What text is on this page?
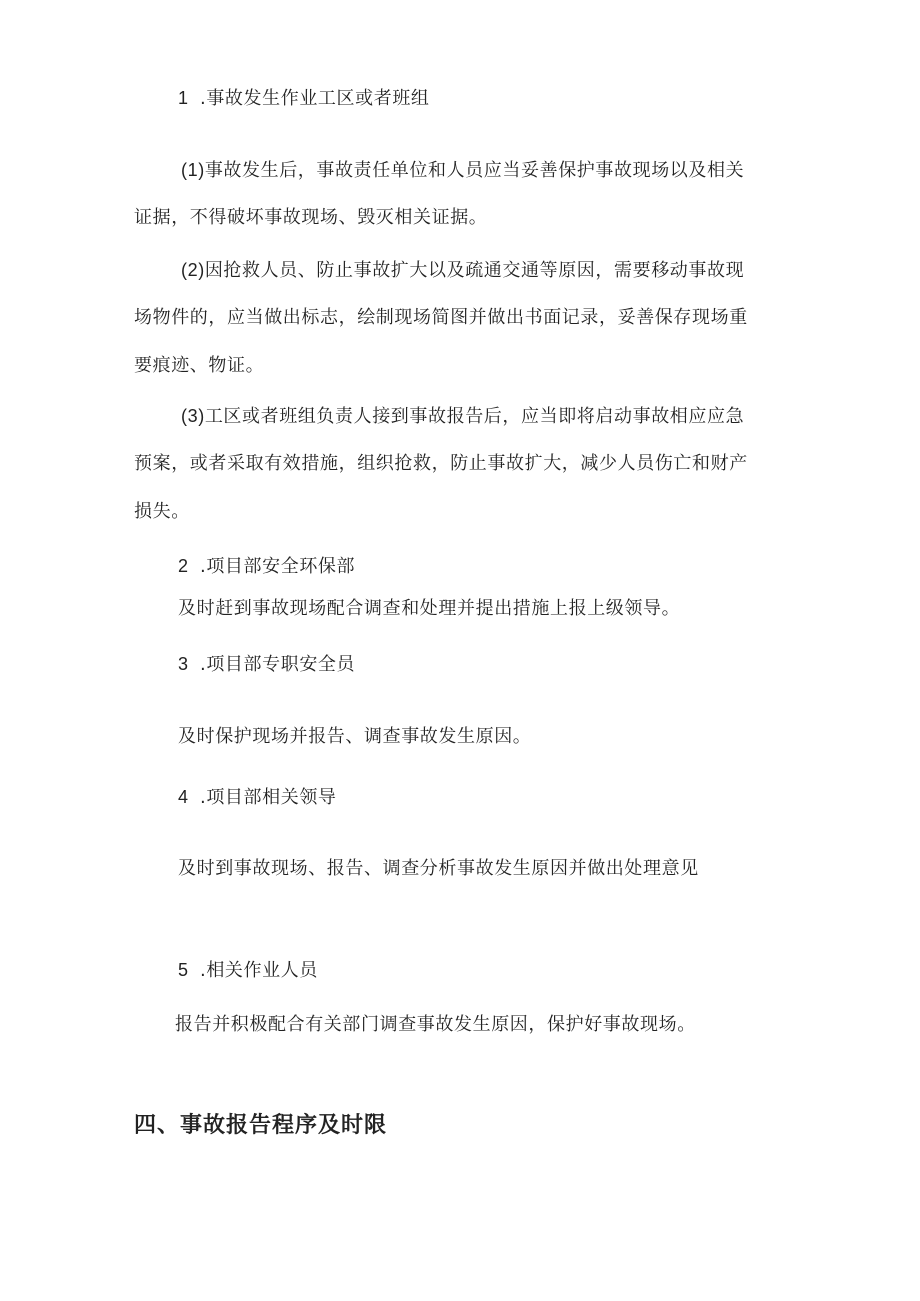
1 .事故发生作业工区或者班组
(1)事故发生后，事故责任单位和人员应当妥善保护事故现场以及相关
证据，不得破坏事故现场、毁灭相关证据。
(2)因抢救人员、防止事故扩大以及疏通交通等原因，需要移动事故现
场物件的，应当做出标志，绘制现场简图并做出书面记录，妥善保存现场重
要痕迹、物证。
(3)工区或者班组负责人接到事故报告后，应当即将启动事故相应应急
预案，或者采取有效措施，组织抢救，防止事故扩大，减少人员伤亡和财产
损失。
2 .项目部安全环保部
及时赶到事故现场配合调查和处理并提出措施上报上级领导。
3 .项目部专职安全员
及时保护现场并报告、调查事故发生原因。
4 .项目部相关领导
及时到事故现场、报告、调查分析事故发生原因并做出处理意见
5 .相关作业人员
报告并积极配合有关部门调查事故发生原因，保护好事故现场。
四、事故报告程序及时限
